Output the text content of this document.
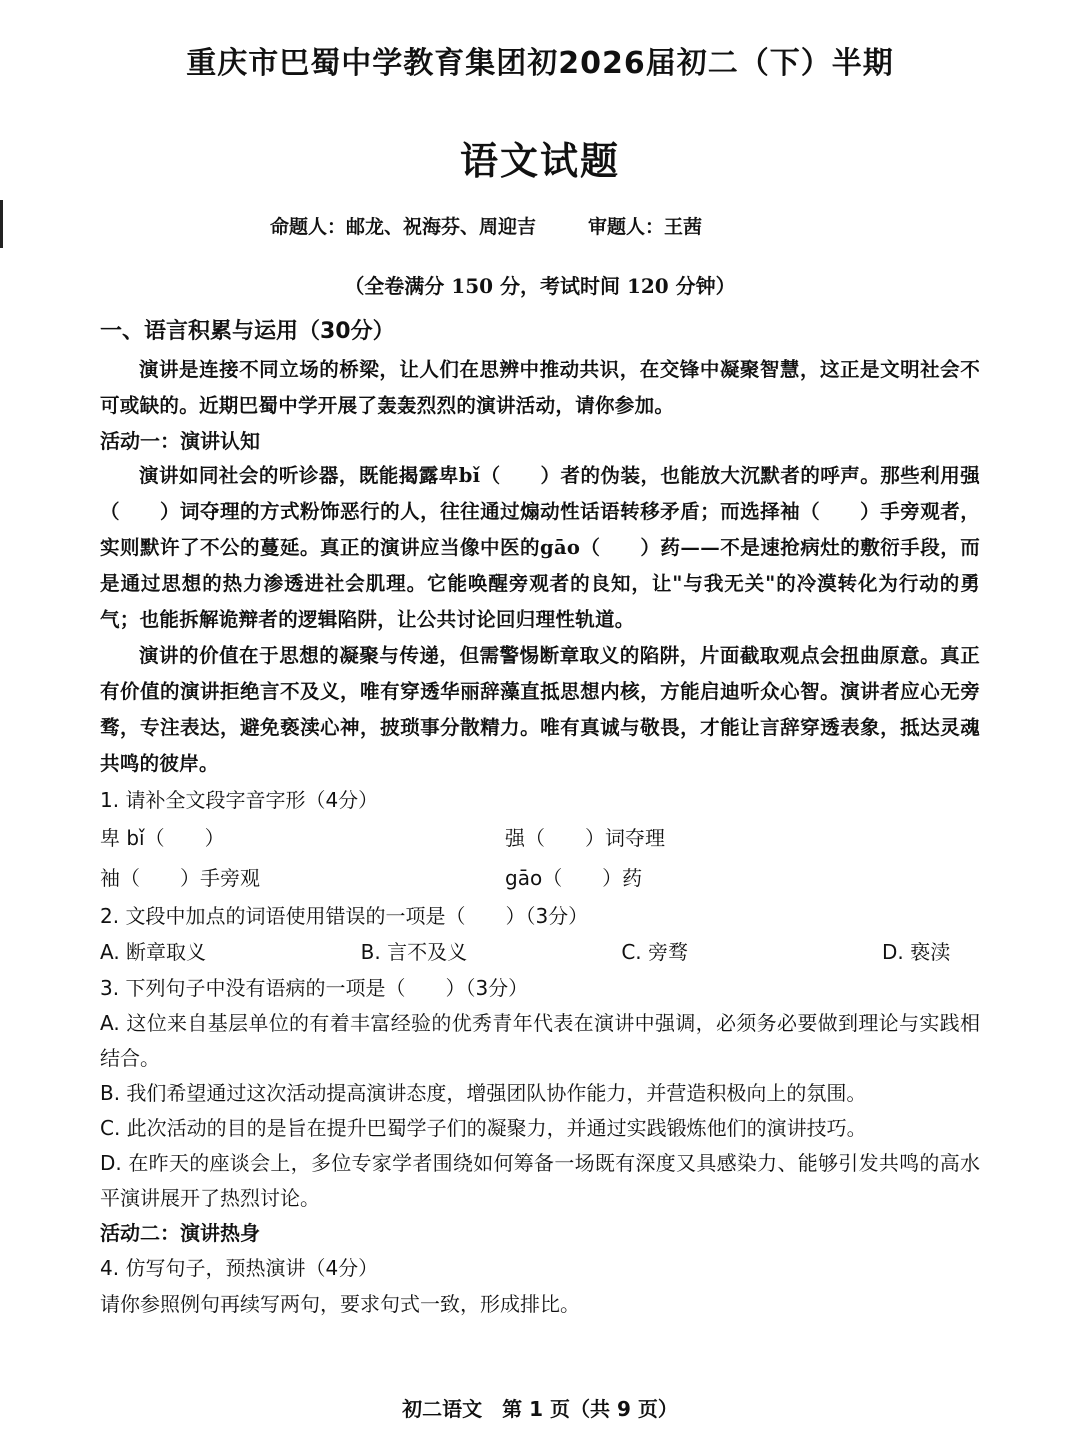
重庆市巴蜀中学教育集团初2026届初二（下）半期
语文试题
命题人：邮龙、祝海芬、周迎吉	审题人：王茜
（全卷满分 150 分，考试时间 120 分钟）
一、语言积累与运用（30分）

演讲是连接不同立场的桥梁，让人们在思辨中推动共识，在交锋中凝聚智慧，这正是文明社会不可或缺的。近期巴蜀中学开展了轰轰烈烈的演讲活动，请你参加。

活动一：演讲认知

演讲如同社会的听诊器，既能揭露卑bǐ（　　）者的伪装，也能放大沉默者的呼声。那些利用强（　　）词夺理的方式粉饰恶行的人，往往通过煽动性话语转移矛盾；而选择袖（　　）手旁观者，实则默许了不公的蔓延。真正的演讲应当像中医的gāo（　　）药——不是速抢病灶的敷衍手段，而是通过思想的热力渗透进社会肌理。它能唤醒旁观者的良知，让"与我无关"的冷漠转化为行动的勇气；也能拆解诡辩者的逻辑陷阱，让公共讨论回归理性轨道。

演讲的价值在于思想的凝聚与传递，但需警惕断章取义的陷阱，片面截取观点会扭曲原意。真正有价值的演讲拒绝言不及义，唯有穿透华丽辞藻直抵思想内核，方能启迪听众心智。演讲者应心无旁骛，专注表达，避免亵渎心神，披琐事分散精力。唯有真诚与敬畏，才能让言辞穿透表象，抵达灵魂共鸣的彼岸。

1. 请补全文段字音字形（4分）
卑 bǐ（　　）	强（　　）词夺理
袖（　　）手旁观	gāo（　　）药
2. 文段中加点的词语使用错误的一项是（　　）（3分）
A. 断章取义	B. 言不及义	C. 旁骛	D. 亵渎
3. 下列句子中没有语病的一项是（　　）（3分）
A. 这位来自基层单位的有着丰富经验的优秀青年代表在演讲中强调，必须务必要做到理论与实践相结合。
B. 我们希望通过这次活动提高演讲态度，增强团队协作能力，并营造积极向上的氛围。
C. 此次活动的目的是旨在提升巴蜀学子们的凝聚力，并通过实践锻炼他们的演讲技巧。
D. 在昨天的座谈会上，多位专家学者围绕如何筹备一场既有深度又具感染力、能够引发共鸣的高水平演讲展开了热烈讨论。
活动二：演讲热身
4. 仿写句子，预热演讲（4分）
请你参照例句再续写两句，要求句式一致，形成排比。
初二语文　第 1 页（共 9 页）
